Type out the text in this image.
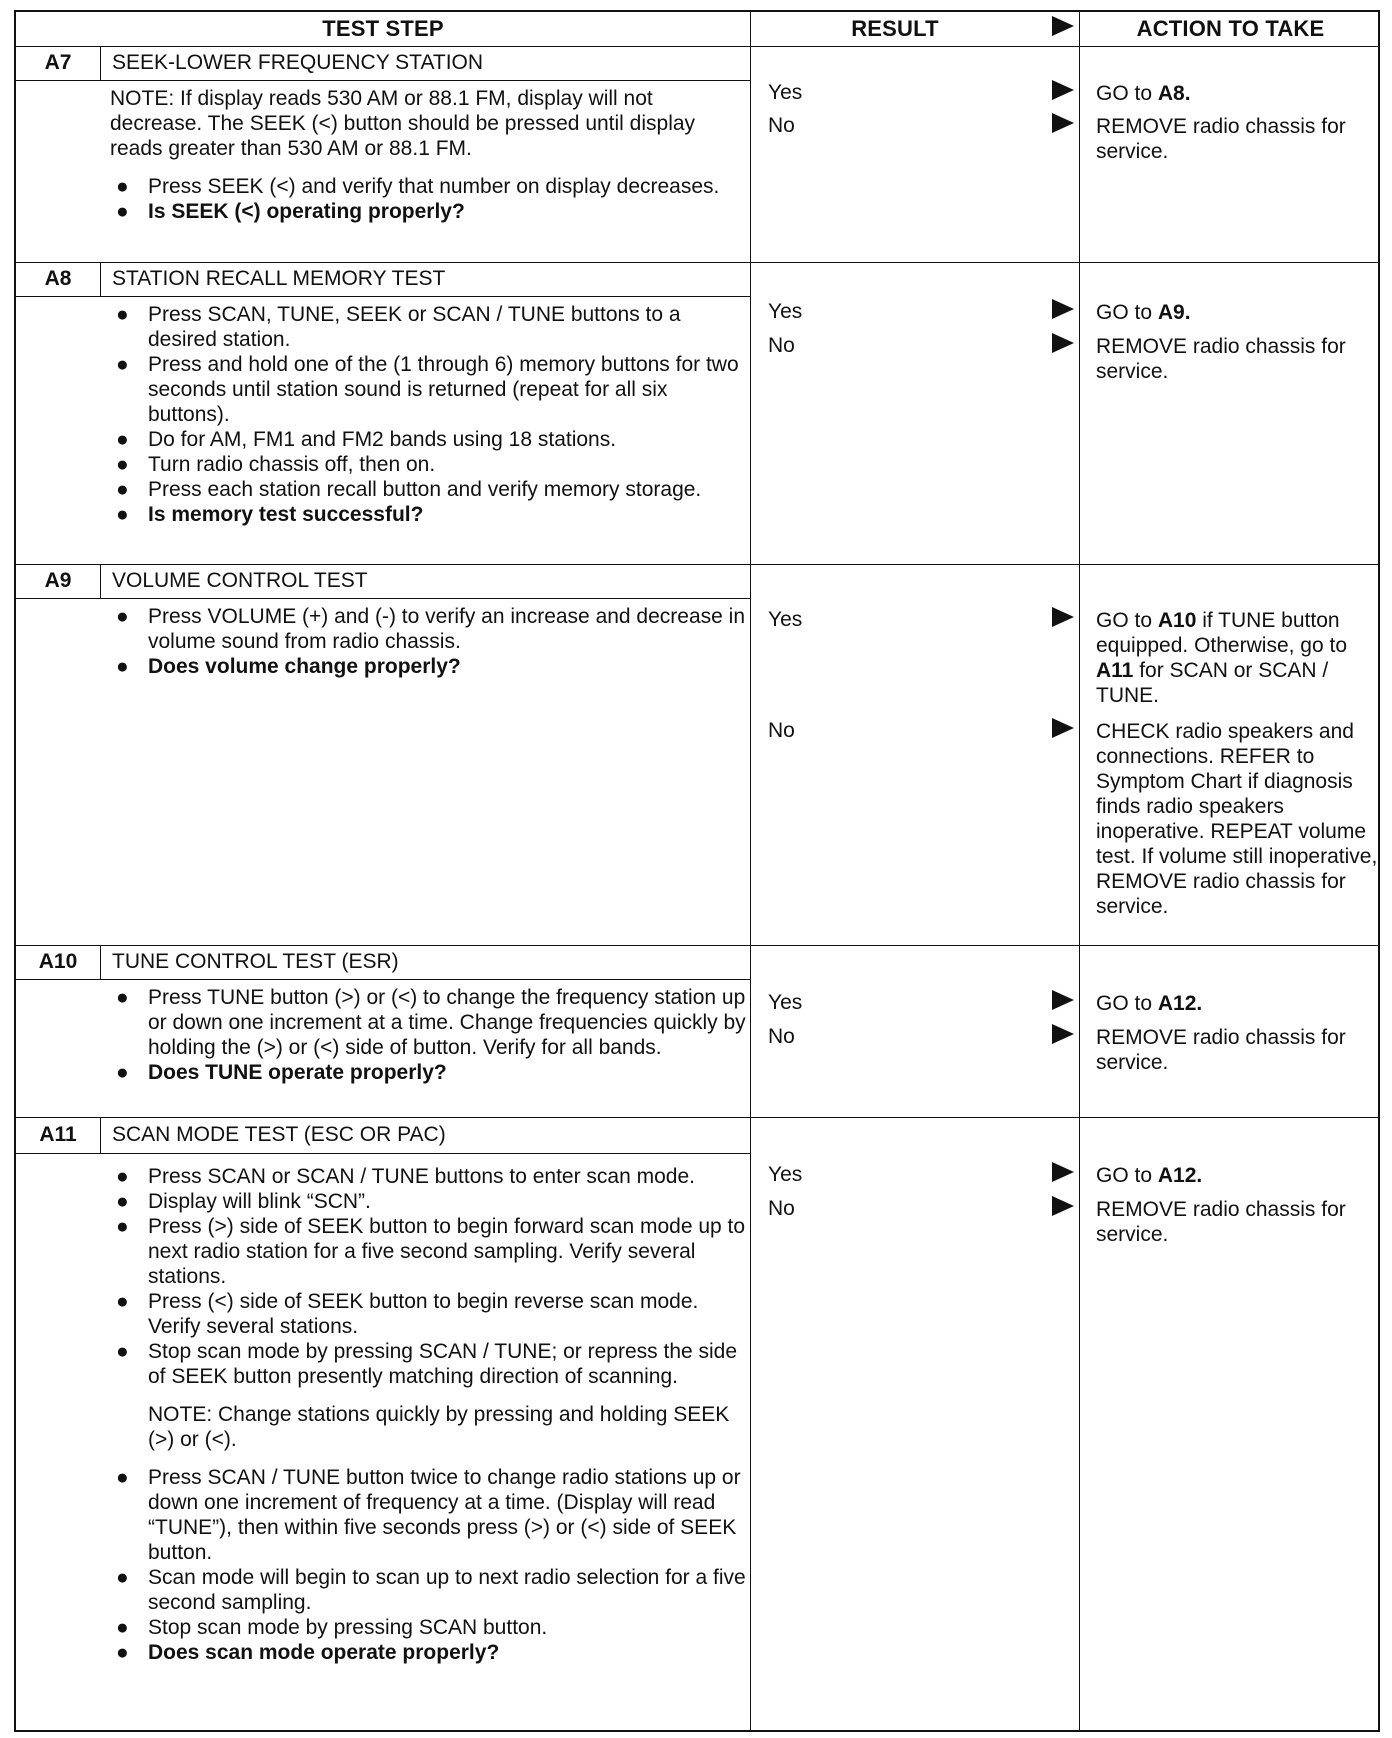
TEST STEP	RESULT	ACTION TO TAKE
A7	SEEK-LOWER FREQUENCY STATION

NOTE: If display reads 530 AM or 88.1 FM, display will not decrease. The SEEK (<) button should be pressed until display reads greater than 530 AM or 88.1 FM.

● Press SEEK (<) and verify that number on display decreases.

● Is SEEK (<) operating properly?

Yes	GO to A8.
No	REMOVE radio chassis for service.
A8	STATION RECALL MEMORY TEST

● Press SCAN, TUNE, SEEK or SCAN / TUNE buttons to a desired station.

● Press and hold one of the (1 through 6) memory buttons for two seconds until station sound is returned (repeat for all six buttons).

● Do for AM, FM1 and FM2 bands using 18 stations.

● Turn radio chassis off, then on.

● Press each station recall button and verify memory storage.

● Is memory test successful?

Yes	GO to A9.
No	REMOVE radio chassis for service.
A9	VOLUME CONTROL TEST

● Press VOLUME (+) and (-) to verify an increase and decrease in volume sound from radio chassis.

● Does volume change properly?

Yes	GO to A10 if TUNE button equipped. Otherwise, go to A11 for SCAN or SCAN / TUNE.
No	CHECK radio speakers and connections. REFER to Symptom Chart if diagnosis finds radio speakers inoperative. REPEAT volume test. If volume still inoperative, REMOVE radio chassis for service.
A10	TUNE CONTROL TEST (ESR)

● Press TUNE button (>) or (<) to change the frequency station up or down one increment at a time. Change frequencies quickly by holding the (>) or (<) side of button. Verify for all bands.

● Does TUNE operate properly?

Yes	GO to A12.
No	REMOVE radio chassis for service.
A11	SCAN MODE TEST (ESC OR PAC)

● Press SCAN or SCAN / TUNE buttons to enter scan mode.

● Display will blink “SCN”.

● Press (>) side of SEEK button to begin forward scan mode up to next radio station for a five second sampling. Verify several stations.

● Press (<) side of SEEK button to begin reverse scan mode. Verify several stations.

● Stop scan mode by pressing SCAN / TUNE; or repress the side of SEEK button presently matching direction of scanning.

NOTE: Change stations quickly by pressing and holding SEEK (>) or (<).

● Press SCAN / TUNE button twice to change radio stations up or down one increment of frequency at a time. (Display will read “TUNE”), then within five seconds press (>) or (<) side of SEEK button.

● Scan mode will begin to scan up to next radio selection for a five second sampling.

● Stop scan mode by pressing SCAN button.

● Does scan mode operate properly?

Yes	GO to A12.
No	REMOVE radio chassis for service.
